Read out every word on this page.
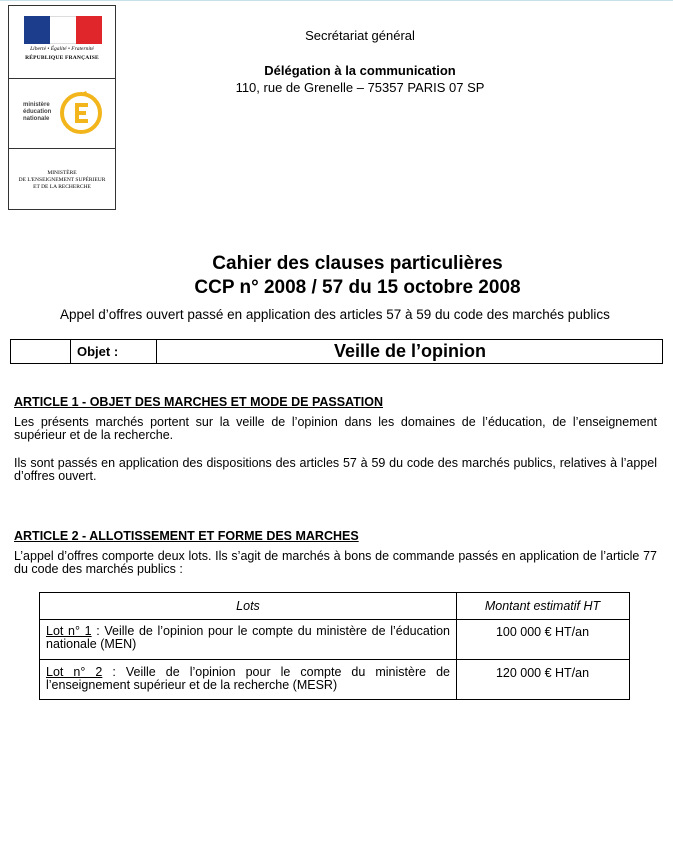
Liberté • Égalité • Fraternité
RÉPUBLIQUE FRANÇAISE
ministère
éducation
nationale
MINISTÈRE
DE L'ENSEIGNEMENT SUPÉRIEUR
ET DE LA RECHERCHE
Secrétariat général
Délégation à la communication
110, rue de Grenelle – 75357 PARIS 07 SP
Cahier des clauses particulières
CCP n° 2008 / 57 du 15 octobre 2008
Appel d’offres ouvert passé en application des articles 57 à 59 du code des marchés publics
Objet :	Veille de l’opinion
ARTICLE 1 - OBJET DES MARCHES ET MODE DE PASSATION
Les présents marchés portent sur la veille de l’opinion dans les domaines de l’éducation, de l’enseignement supérieur et de la recherche.
Ils sont passés en application des dispositions des articles 57 à 59 du code des marchés publics, relatives à l’appel d’offres ouvert.
ARTICLE 2 - ALLOTISSEMENT ET FORME DES MARCHES
L’appel d’offres comporte deux lots. Ils s’agit de marchés à bons de commande passés en application de l’article 77 du code des marchés publics :
Lots	Montant estimatif HT
Lot n° 1 : Veille de l’opinion pour le compte du ministère de l’éducation nationale (MEN)
100 000 € HT/an
Lot n° 2 : Veille de l’opinion pour le compte du ministère de l’enseignement supérieur et de la recherche (MESR)
120 000 € HT/an
